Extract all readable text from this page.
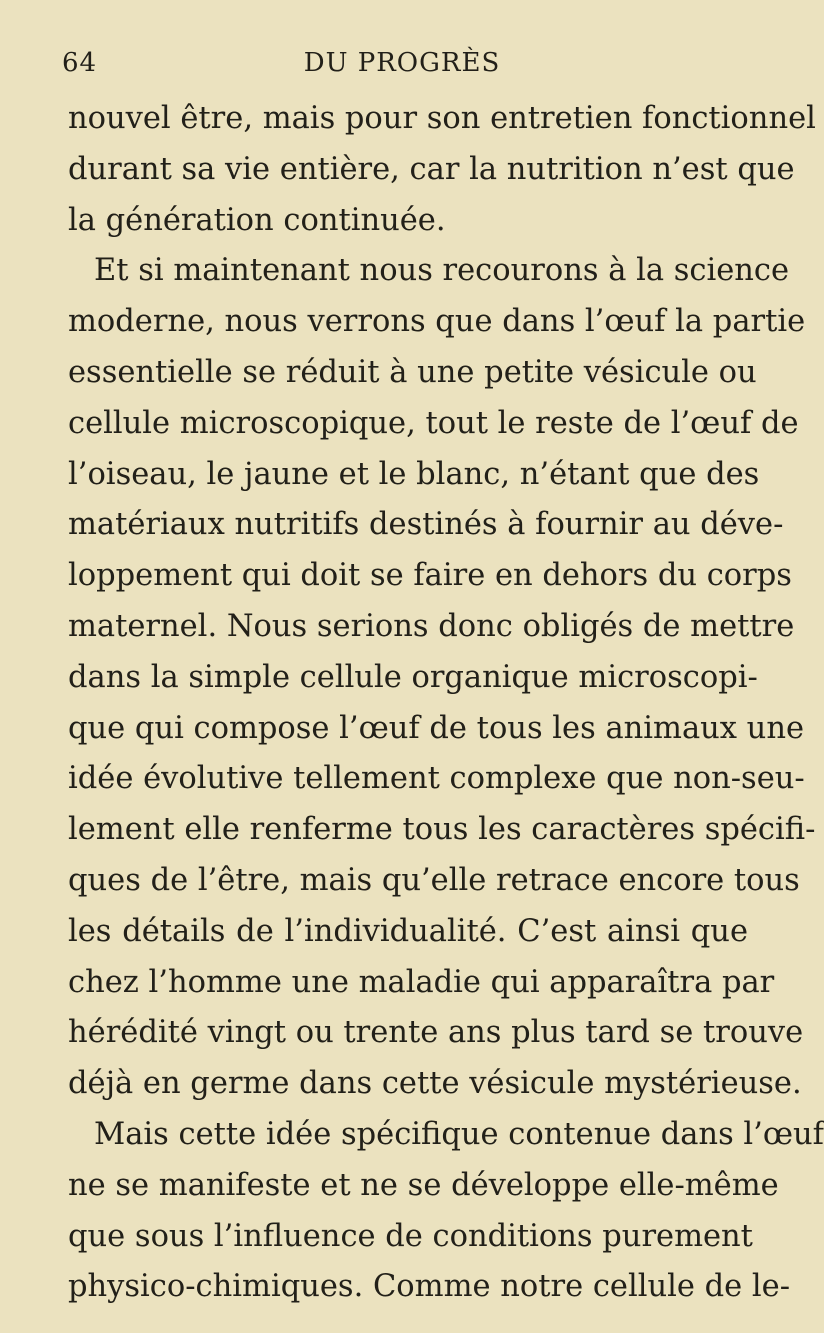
64	DU PROGRÈS
nouvel être, mais pour son entretien fonctionnel
durant sa vie entière, car la nutrition n’est que
la génération continuée.
Et si maintenant nous recourons à la science
moderne, nous verrons que dans l’œuf la partie
essentielle se réduit à une petite vésicule ou
cellule microscopique, tout le reste de l’œuf de
l’oiseau, le jaune et le blanc, n’étant que des
matériaux nutritifs destinés à fournir au déve-
loppement qui doit se faire en dehors du corps
maternel. Nous serions donc obligés de mettre
dans la simple cellule organique microscopi-
que qui compose l’œuf de tous les animaux une
idée évolutive tellement complexe que non-seu-
lement elle renferme tous les caractères spécifi-
ques de l’être, mais qu’elle retrace encore tous
les détails de l’individualité. C’est ainsi que
chez l’homme une maladie qui apparaîtra par
hérédité vingt ou trente ans plus tard se trouve
déjà en germe dans cette vésicule mystérieuse.
Mais cette idée spécifique contenue dans l’œuf
ne se manifeste et ne se développe elle-même
que sous l’influence de conditions purement
physico-chimiques. Comme notre cellule de le-
